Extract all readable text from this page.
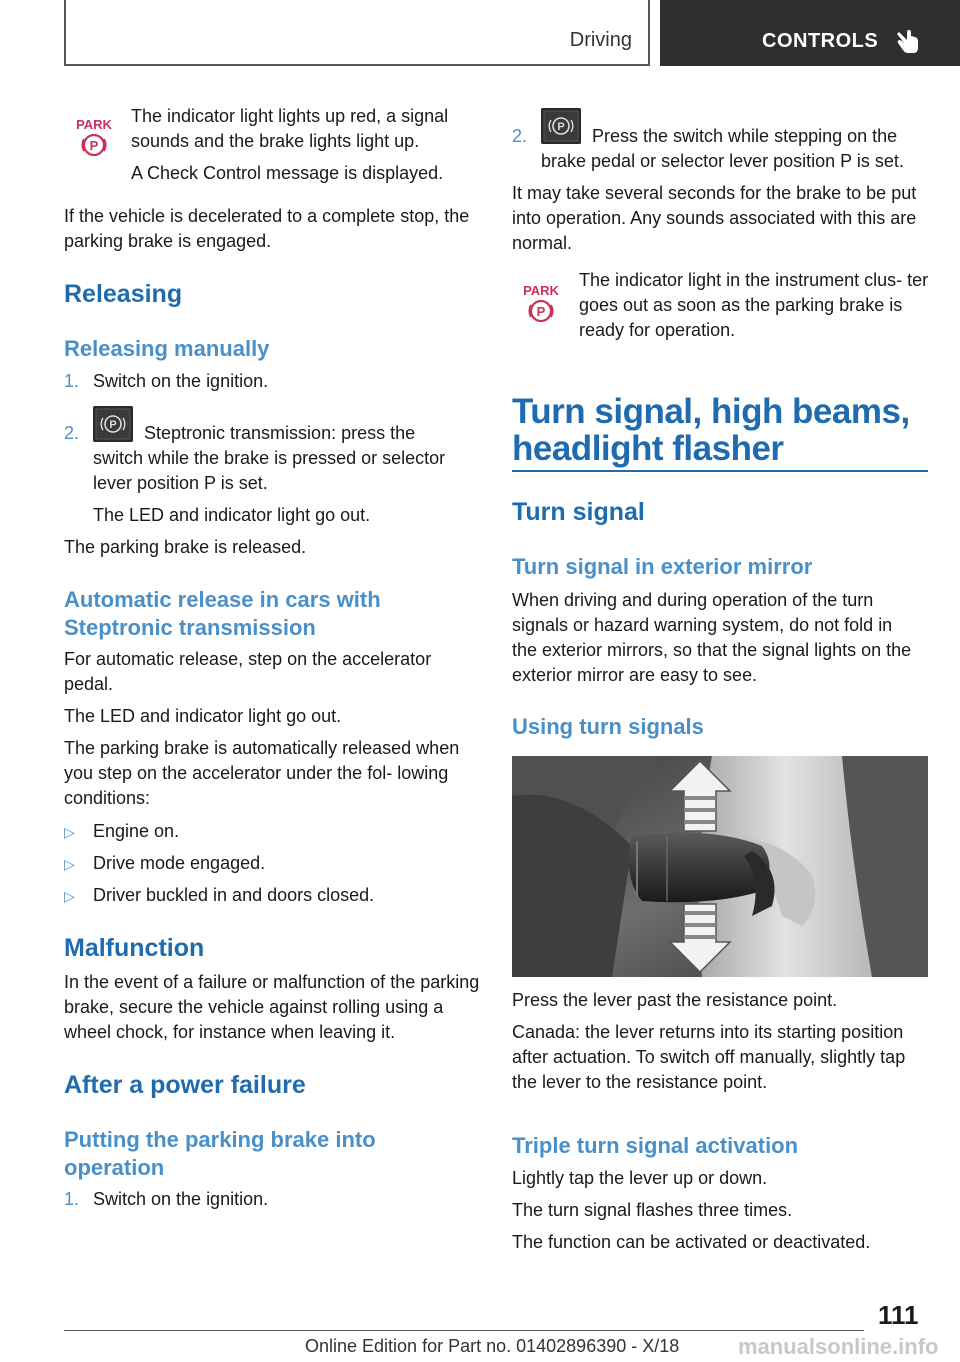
Driving	CONTROLS
PARK
P
The indicator light lights up red, a signal sounds and the brake lights light up.
A Check Control message is displayed.
If the vehicle is decelerated to a complete stop, the parking brake is engaged.
Releasing
Releasing manually
1. Switch on the ignition.
2.	P Steptronic transmission: press the
switch while the brake is pressed or selector lever position P is set.
The LED and indicator light go out.
The parking brake is released.
Automatic release in cars with Steptronic transmission
For automatic release, step on the accelerator pedal.
The LED and indicator light go out.
The parking brake is automatically released when you step on the accelerator under the fol‐ lowing conditions:
▷ Engine on.
▷ Drive mode engaged.
▷ Driver buckled in and doors closed.
Malfunction
In the event of a failure or malfunction of the parking brake, secure the vehicle against rolling using a wheel chock, for instance when leaving it.
After a power failure
Putting the parking brake into operation
1. Switch on the ignition.
2.	P Press the switch while stepping on the
brake pedal or selector lever position P is set.
It may take several seconds for the brake to be put into operation. Any sounds associated with this are normal.
PARK
P
The indicator light in the instrument clus‐ ter goes out as soon as the parking brake is ready for operation.
Turn signal, high beams,
headlight flasher
Turn signal
Turn signal in exterior mirror
When driving and during operation of the turn signals or hazard warning system, do not fold in the exterior mirrors, so that the signal lights on the exterior mirror are easy to see.
Using turn signals
Press the lever past the resistance point.
Canada: the lever returns into its starting position after actuation. To switch off manually, slightly tap the lever to the resistance point.
Triple turn signal activation
Lightly tap the lever up or down.
The turn signal flashes three times.
The function can be activated or deactivated.
111
Online Edition for Part no. 01402896390 - X/18	manualsonline.info
